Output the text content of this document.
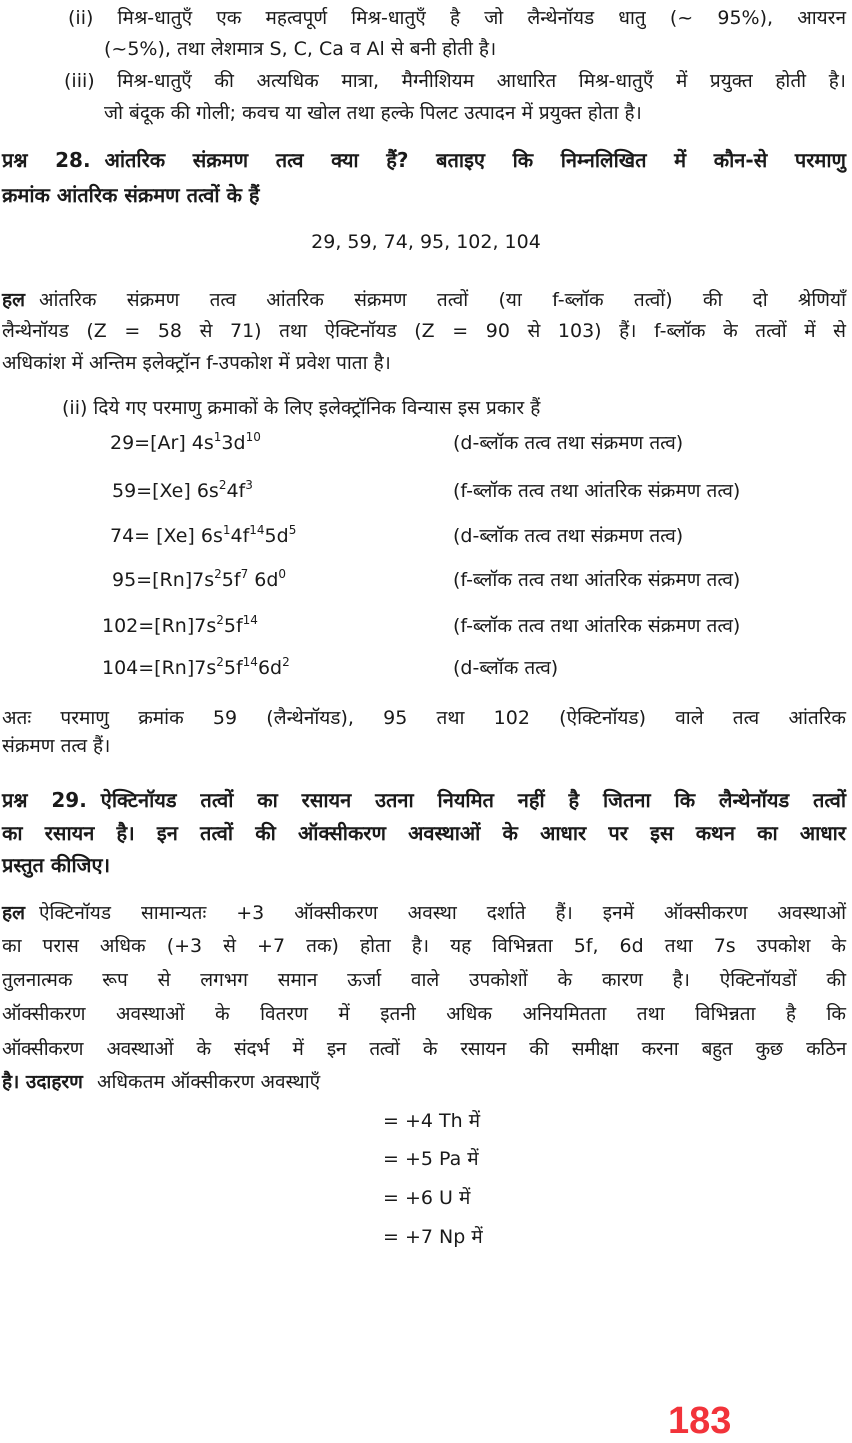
(ii) मिश्र-धातुएँ एक महत्वपूर्ण मिश्र-धातुएँ है जो लैन्थेनॉयड धातु (~ 95%), आयरन
(~5%), तथा लेशमात्र S, C, Ca व Al से बनी होती है।
(iii) मिश्र-धातुएँ की अत्यधिक मात्रा, मैग्नीशियम आधारित मिश्र-धातुएँ में प्रयुक्त होती है।
जो बंदूक की गोली; कवच या खोल तथा हल्के पिलट उत्पादन में प्रयुक्त होता है।
प्रश्न 28. आंतरिक संक्रमण तत्व क्या हैं? बताइए कि निम्नलिखित में कौन-से परमाणु
क्रमांक आंतरिक संक्रमण तत्वों के हैं
29, 59, 74, 95, 102, 104
हल आंतरिक संक्रमण तत्व आंतरिक संक्रमण तत्वों (या f-ब्लॉक तत्वों) की दो श्रेणियाँ
लैन्थेनॉयड (Z = 58 से 71) तथा ऐक्टिनॉयड (Z = 90 से 103) हैं। f-ब्लॉक के तत्वों में से
अधिकांश में अन्तिम इलेक्ट्रॉन f-उपकोश में प्रवेश पाता है।
(ii) दिये गए परमाणु क्रमाकों के लिए इलेक्ट्रॉनिक विन्यास इस प्रकार हैं
29=[Ar] $4s^13d^{10}$	(d-ब्लॉक तत्व तथा संक्रमण तत्व)
59=[Xe] $6s^24f^3$	(f-ब्लॉक तत्व तथा आंतरिक संक्रमण तत्व)
74= [Xe] $6s^14f^{14}5d^5$	(d-ब्लॉक तत्व तथा संक्रमण तत्व)
$95=[Rn]7s^25f^7$ $6d^0$	(f-ब्लॉक तत्व तथा आंतरिक संक्रमण तत्व)
$102=[Rn]7s^25f^{14}$	(f-ब्लॉक तत्व तथा आंतरिक संक्रमण तत्व)
$104=[Rn]7s^25f^{14}6d^2$	(d-ब्लॉक तत्व)
अतः परमाणु क्रमांक 59 (लैन्थेनॉयड), 95 तथा 102 (ऐक्टिनॉयड) वाले तत्व आंतरिक
संक्रमण तत्व हैं।
प्रश्न 29. ऐक्टिनॉयड तत्वों का रसायन उतना नियमित नहीं है जितना कि लैन्थेनॉयड तत्वों
का रसायन है। इन तत्वों की ऑक्सीकरण अवस्थाओं के आधार पर इस कथन का आधार
प्रस्तुत कीजिए।
हल ऐक्टिनॉयड सामान्यतः +3 ऑक्सीकरण अवस्था दर्शाते हैं। इनमें ऑक्सीकरण अवस्थाओं
का परास अधिक (+3 से +7 तक) होता है। यह विभिन्नता 5f, 6d तथा 7s उपकोश के
तुलनात्मक रूप से लगभग समान ऊर्जा वाले उपकोशों के कारण है। ऐक्टिनॉयडों की
ऑक्सीकरण अवस्थाओं के वितरण में इतनी अधिक अनियमितता तथा विभिन्नता है कि
ऑक्सीकरण अवस्थाओं के संदर्भ में इन तत्वों के रसायन की समीक्षा करना बहुत कुछ कठिन
है। उदाहरण अधिकतम ऑक्सीकरण अवस्थाएँ
= +4 Th में
= +5 Pa में
= +6 U में
= +7 Np में
183
